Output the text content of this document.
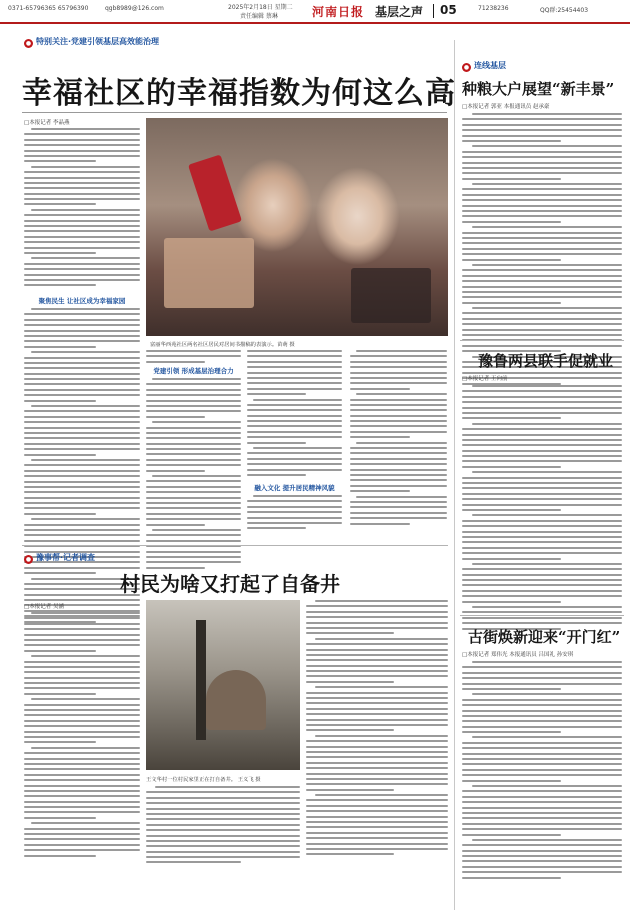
0371-65796365 65796390	qgb8989@126.com	2025年2月18日 星期二
责任编辑 蔡琳	河南日报 基层之声 05	71238236	QQ群:25454403
● 特别关注·党建引领基层高效能治理
幸福社区的幸福指数为何这么高
□本报记者 李晶燕
聚焦民生 让社区成为幸福家园
富丽华西苑社区两名社区居民对居间书描稿的表演示。苗萌 摄
党建引领 形成基层治理合力
融入文化 提升居民精神风貌
● 豫事帮·记者调查
村民为啥又打起了自备井
□本报记者 吴涵
王文华村一位村民家里正在打自备井。 王义飞 摄
● 连线基层
种粮大户展望“新丰景”
□本报记者 郭亚 本报通讯员 赵承豪
豫鲁两县联手促就业
□本报记者 王向前
古街焕新迎来“开门红”
□本报记者 郑伟光 本报通讯员 吕国礼 孙安琪
